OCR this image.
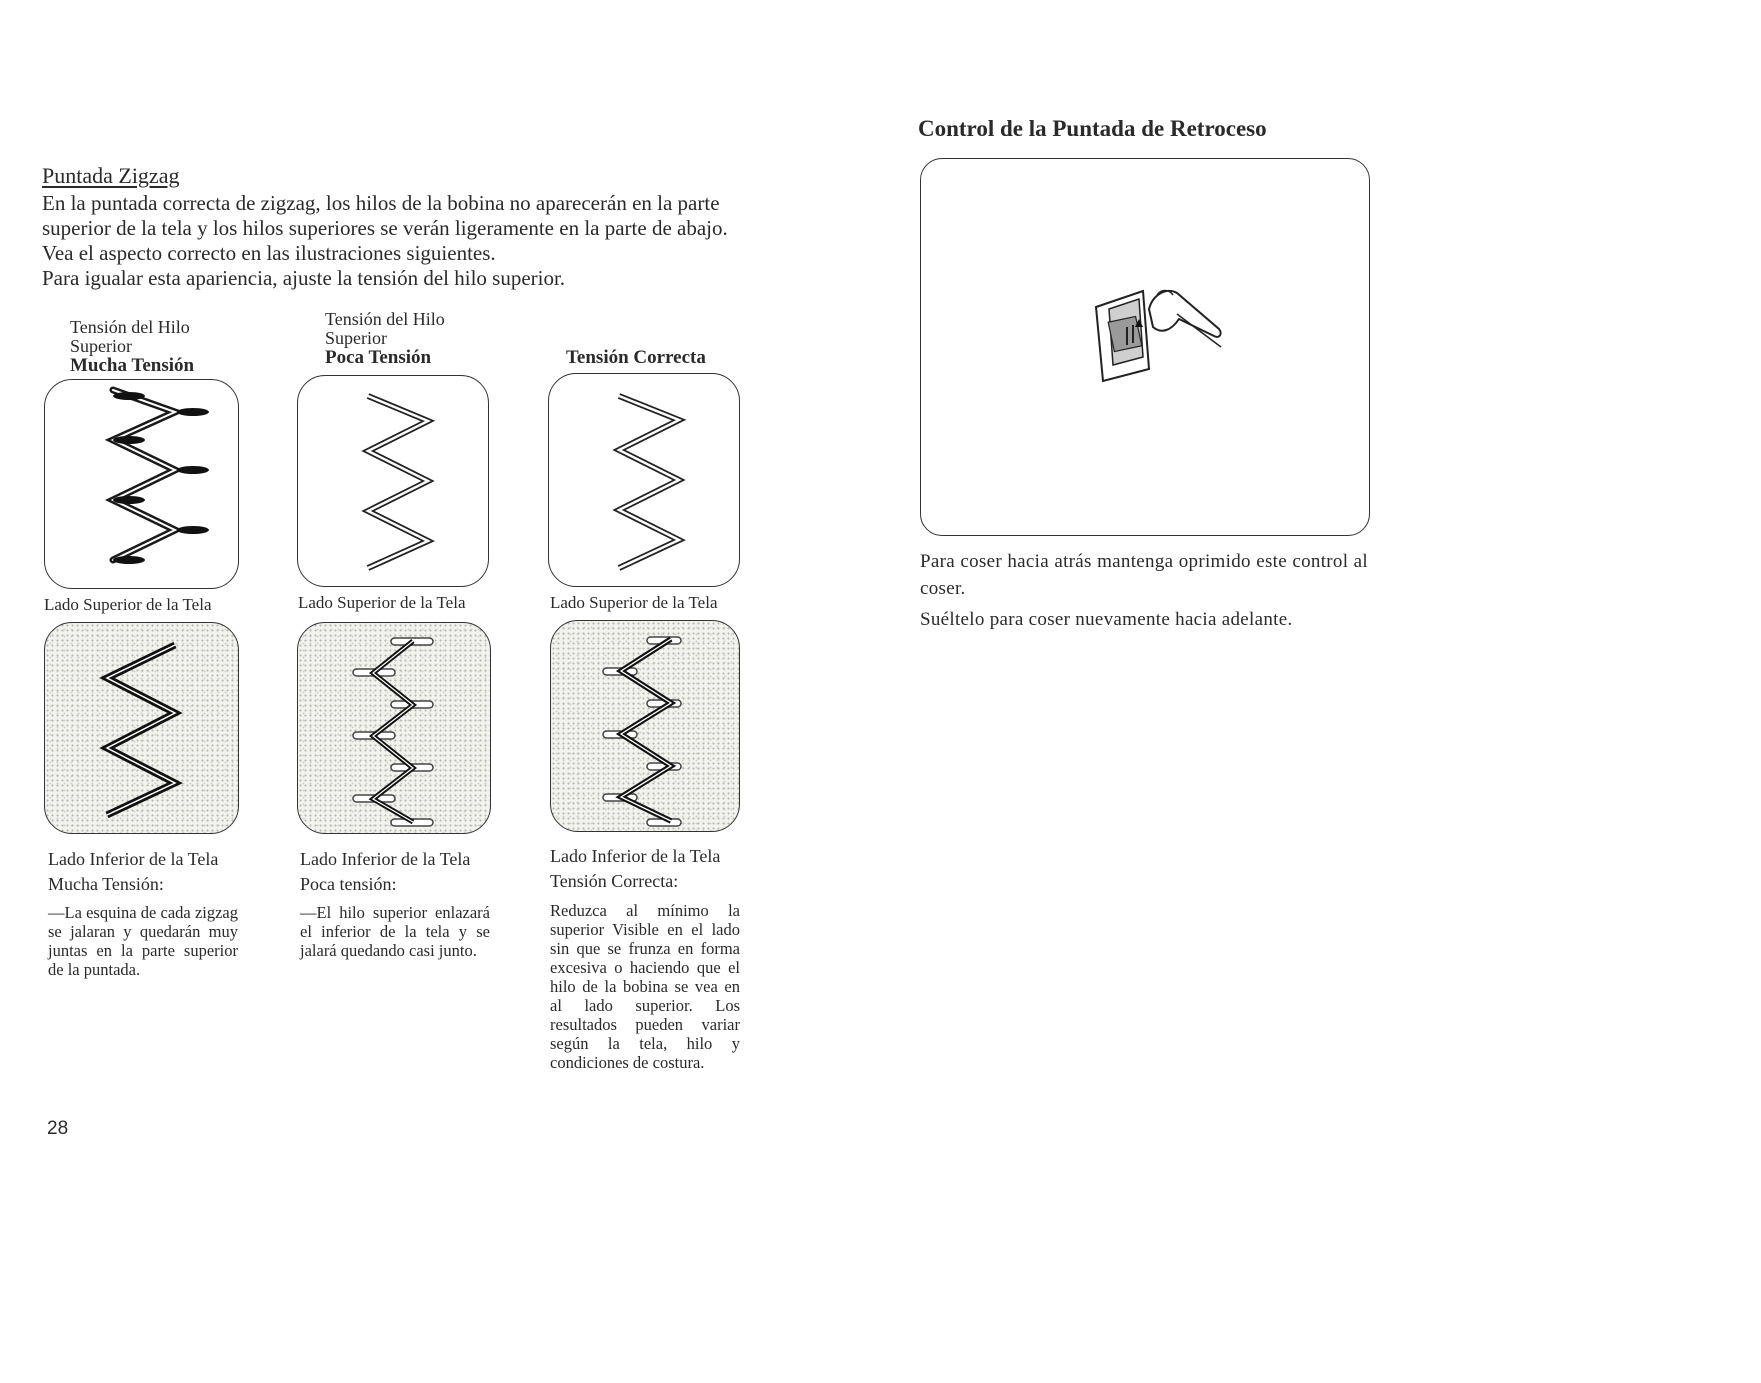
Puntada Zigzag

En la puntada correcta de zigzag, los hilos de la bobina no aparecerán en la parte

superior de la tela y los hilos superiores se verán ligeramente en la parte de abajo.

Vea el aspecto correcto en las ilustraciones siguientes.

Para igualar esta apariencia, ajuste la tensión del hilo superior.

Tensión del Hilo
Superior
Mucha Tensión
Lado Superior de la Tela
Lado Inferior de la Tela
Mucha Tensión:
—La esquina de cada zigzag se jalaran y quedarán muy juntas en la parte superior de la puntada.
Tensión del Hilo
Superior
Poca Tensión
Lado Superior de la Tela
Lado Inferior de la Tela
Poca tensión:
—El hilo superior enlazará el inferior de la tela y se jalará quedando casi junto.
Tensión Correcta
Lado Superior de la Tela
Lado Inferior de la Tela
Tensión Correcta:
Reduzca al mínimo la superior Visible en el lado sin que se frunza en forma excesiva o haciendo que el hilo de la bobina se vea en al lado superior. Los resultados pueden variar según la tela, hilo y condiciones de costura.
28
Control de la Puntada de Retroceso

Para coser hacia atrás mantenga oprimido este control al coser.

Suéltelo para coser nuevamente hacia adelante.
